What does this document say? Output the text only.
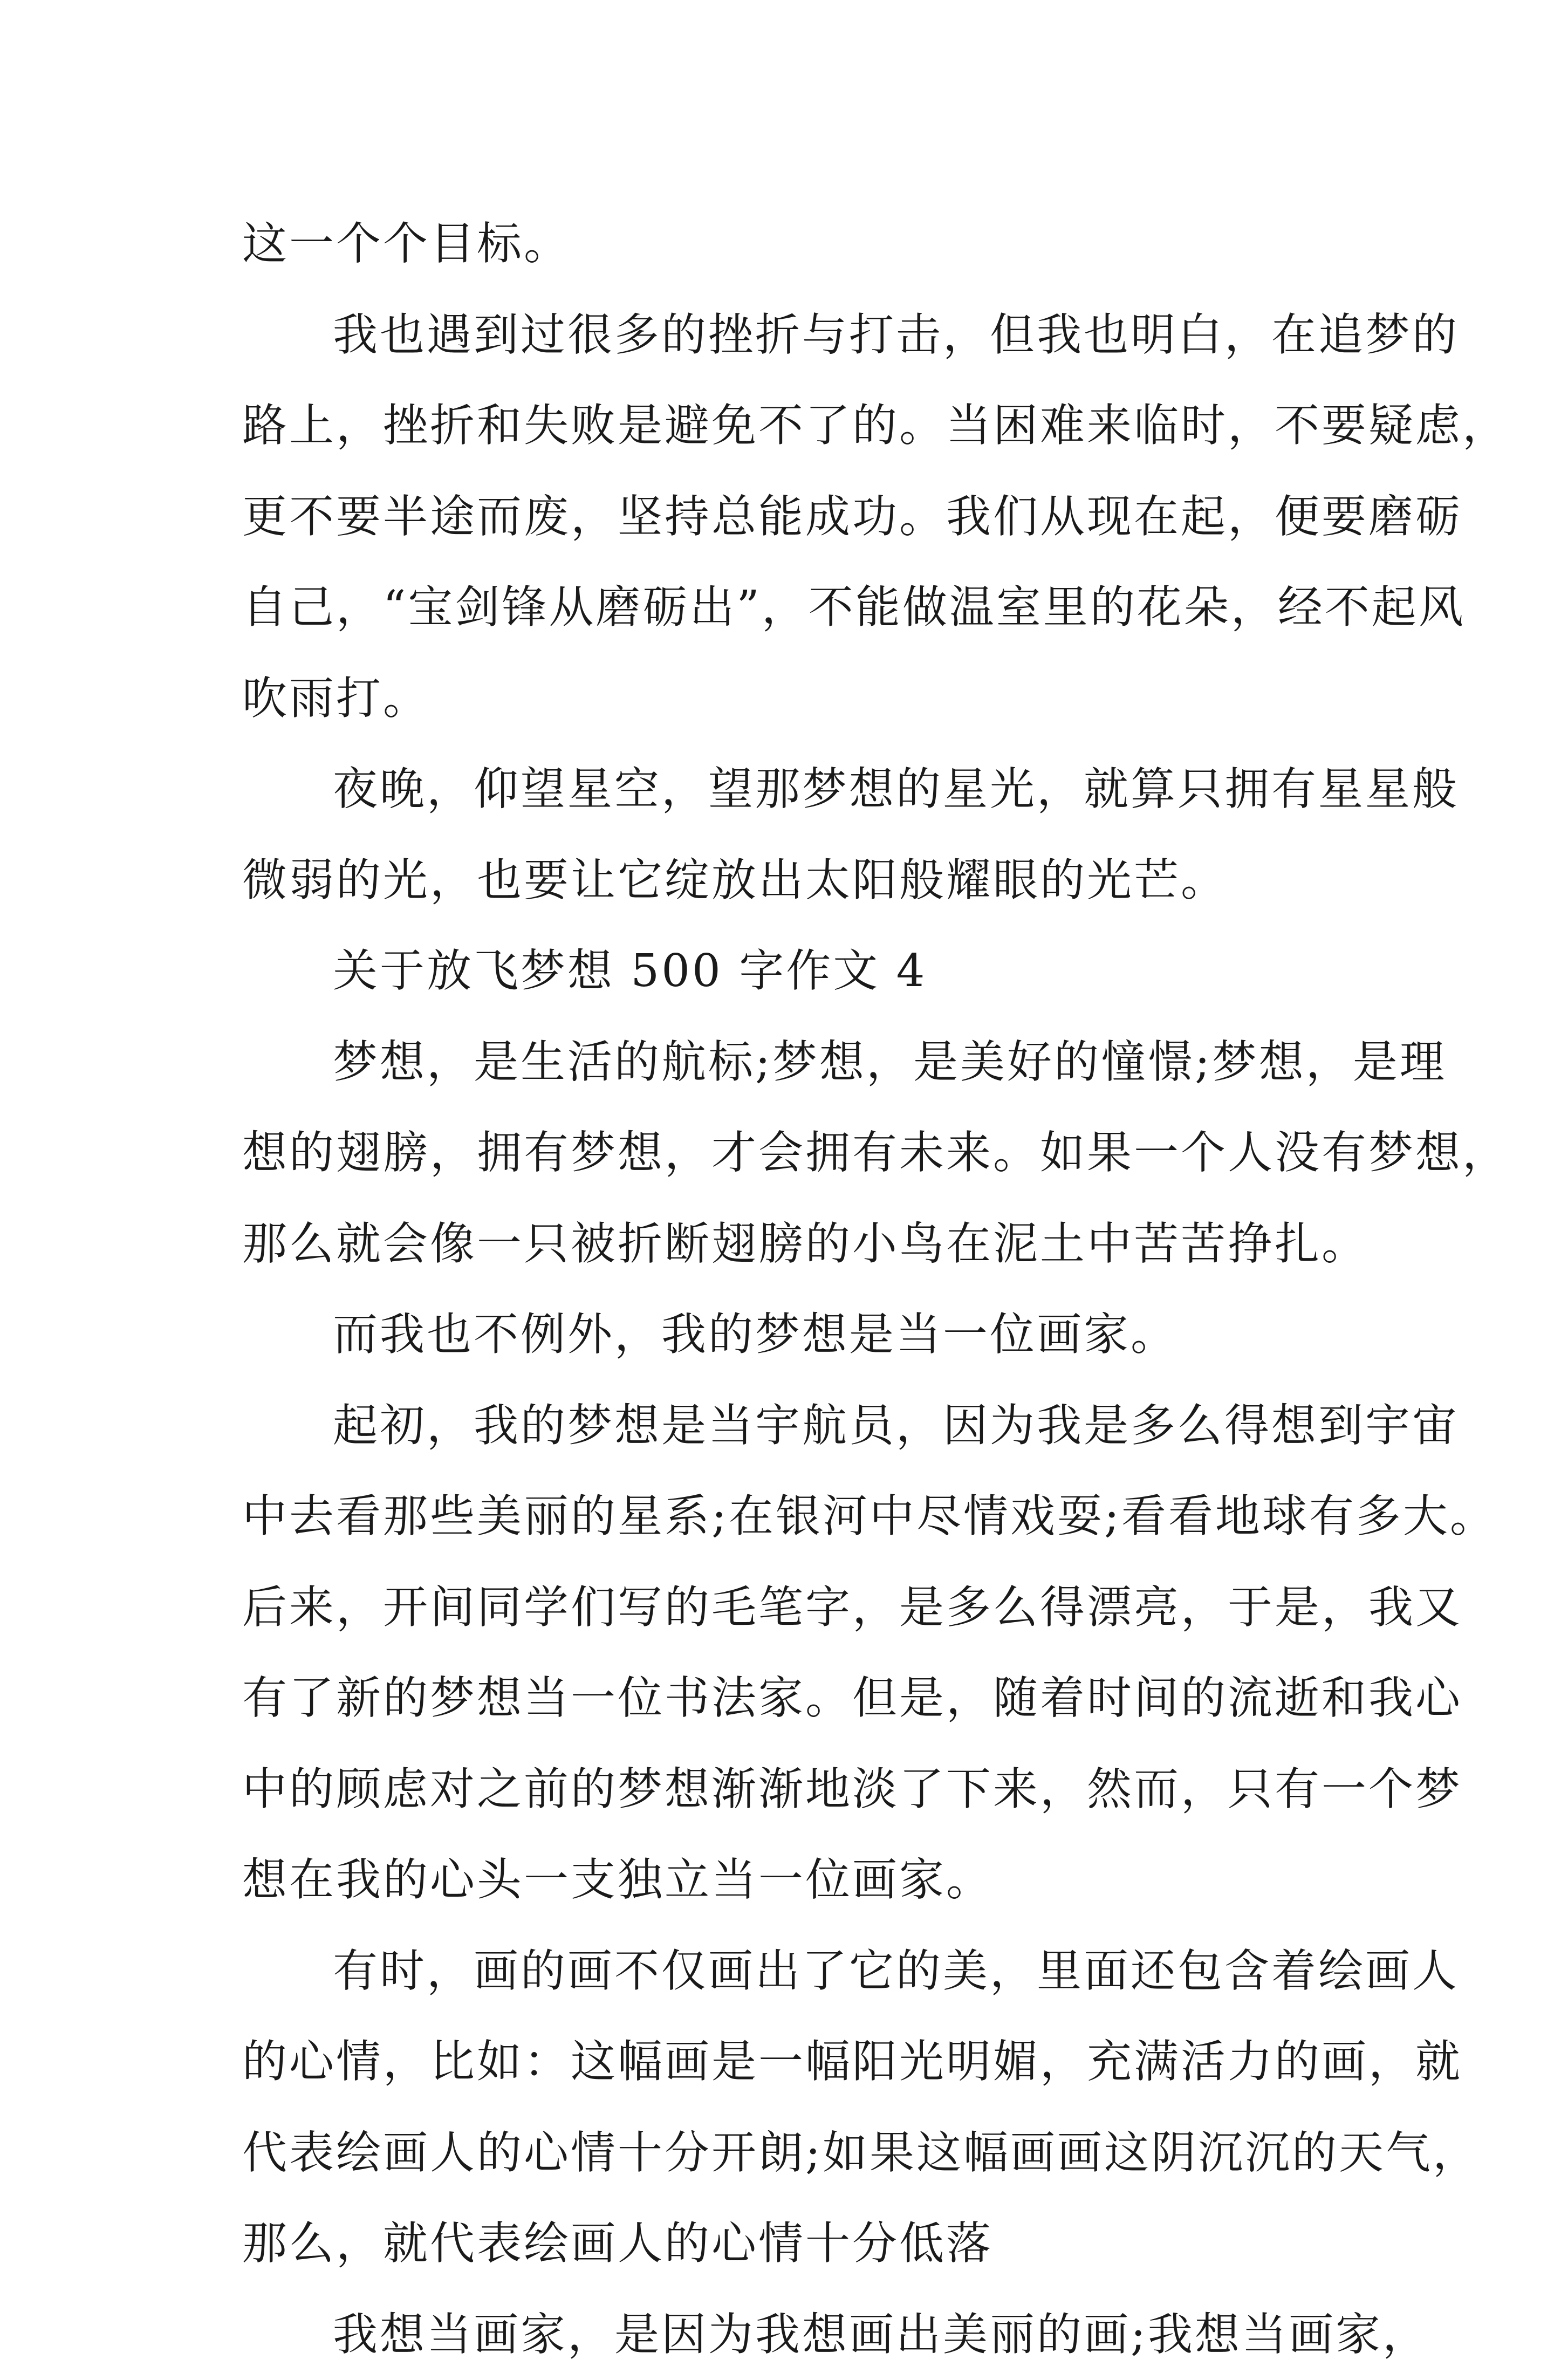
这一个个目标。
我也遇到过很多的挫折与打击，但我也明白，在追梦的
路上，挫折和失败是避免不了的。当困难来临时，不要疑虑，
更不要半途而废，坚持总能成功。我们从现在起，便要磨砺
自己，“宝剑锋从磨砺出”，不能做温室里的花朵，经不起风
吹雨打。
夜晚，仰望星空，望那梦想的星光，就算只拥有星星般
微弱的光，也要让它绽放出太阳般耀眼的光芒。
关于放飞梦想 500 字作文 4
梦想，是生活的航标;梦想，是美好的憧憬;梦想，是理
想的翅膀，拥有梦想，才会拥有未来。如果一个人没有梦想，
那么就会像一只被折断翅膀的小鸟在泥土中苦苦挣扎。
而我也不例外，我的梦想是当一位画家。
起初，我的梦想是当宇航员，因为我是多么得想到宇宙
中去看那些美丽的星系;在银河中尽情戏耍;看看地球有多大。
后来，开间同学们写的毛笔字，是多么得漂亮，于是，我又
有了新的梦想当一位书法家。但是，随着时间的流逝和我心
中的顾虑对之前的梦想渐渐地淡了下来，然而，只有一个梦
想在我的心头一支独立当一位画家。
有时，画的画不仅画出了它的美，里面还包含着绘画人
的心情，比如：这幅画是一幅阳光明媚，充满活力的画，就
代表绘画人的心情十分开朗;如果这幅画画这阴沉沉的天气，
那么，就代表绘画人的心情十分低落
我想当画家，是因为我想画出美丽的画;我想当画家，
